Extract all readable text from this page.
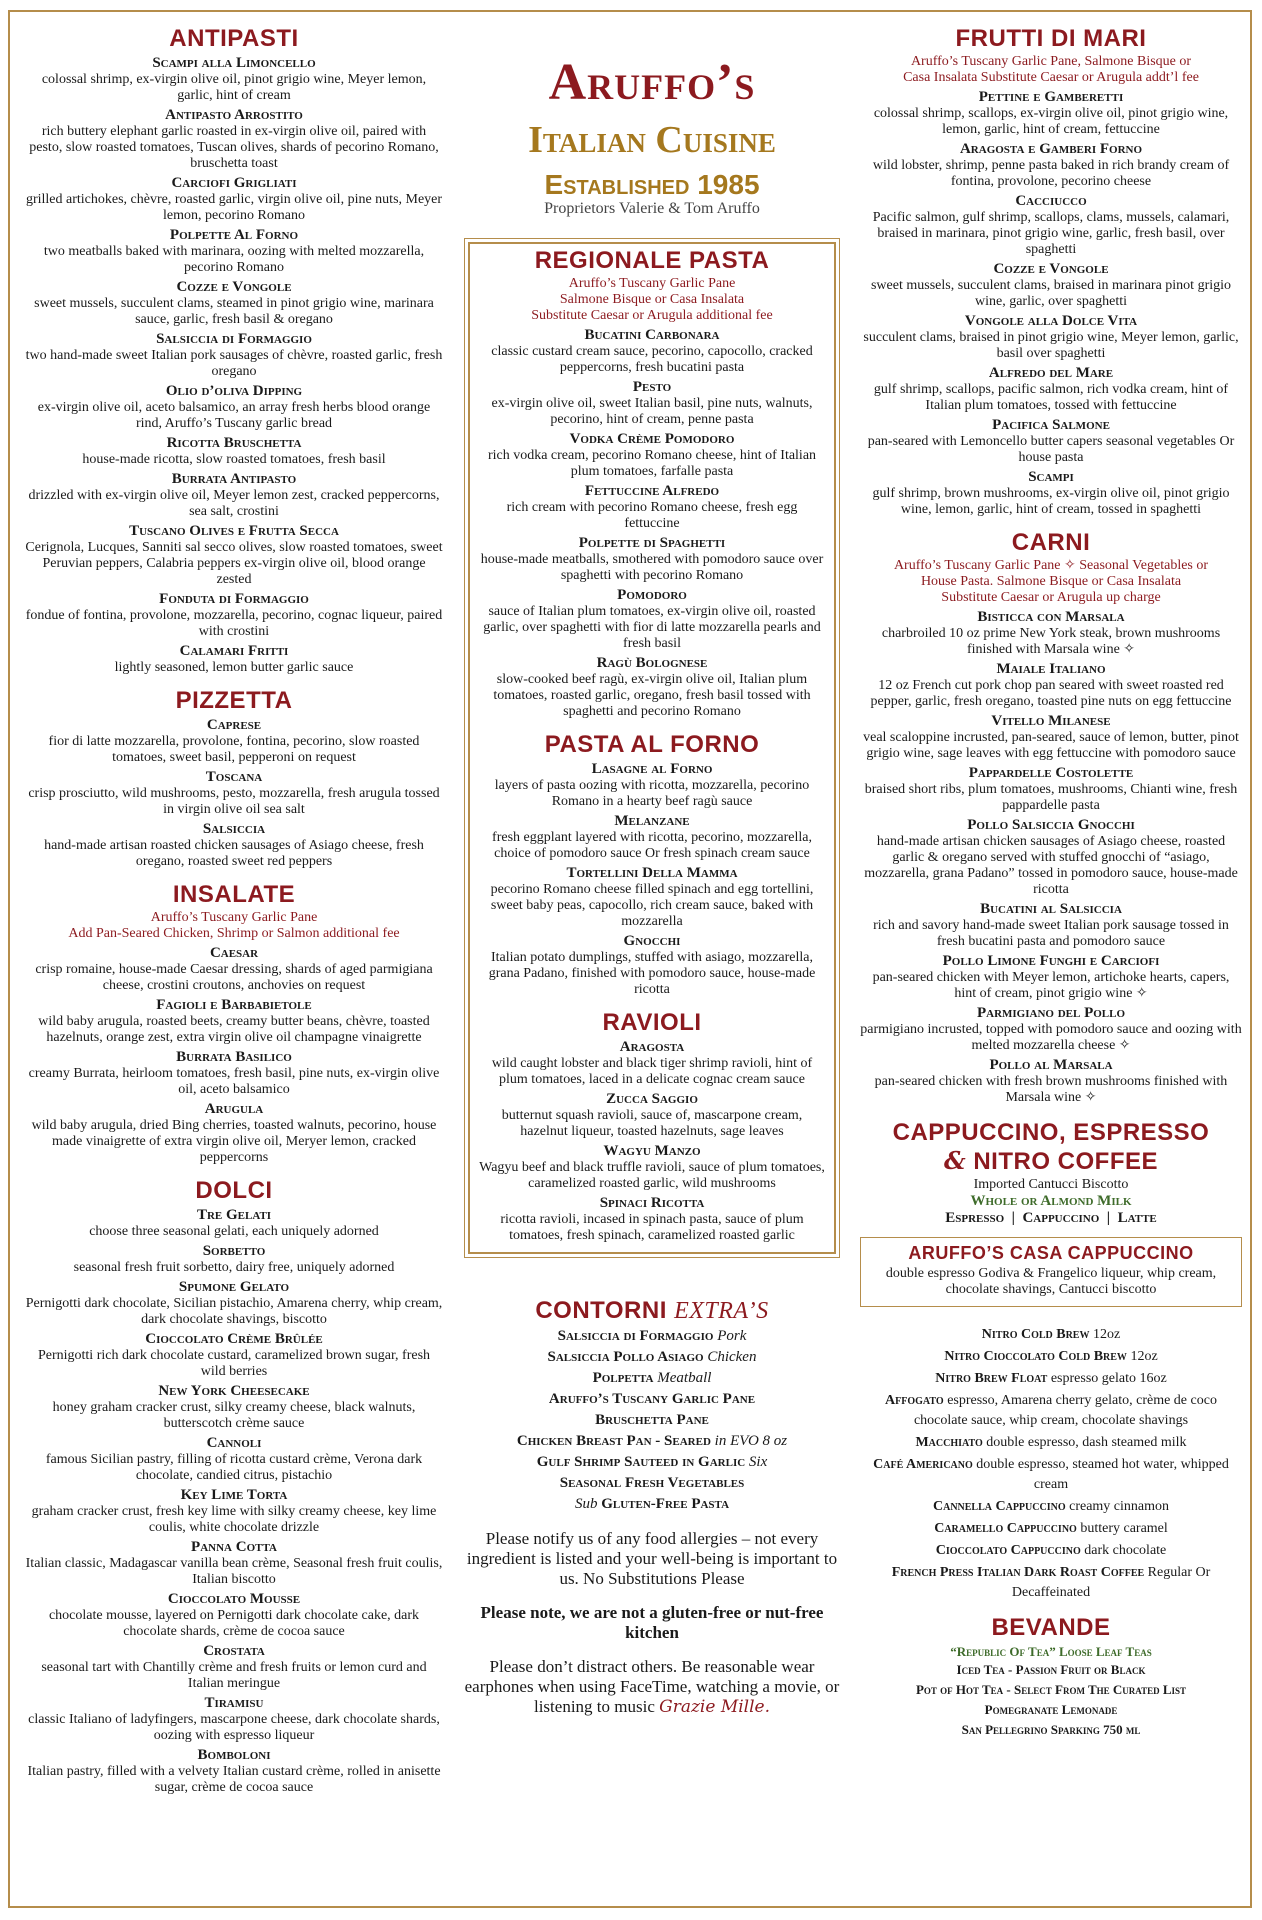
ANTIPASTI
Scampi alla Limoncello
colossal shrimp, ex-virgin olive oil, pinot grigio wine, Meyer lemon, garlic, hint of cream
Antipasto Arrostito
rich buttery elephant garlic roasted in ex-virgin olive oil, paired with pesto, slow roasted tomatoes, Tuscan olives, shards of pecorino Romano, bruschetta toast
Carciofi Grigliati
grilled artichokes, chèvre, roasted garlic, virgin olive oil, pine nuts, Meyer lemon, pecorino Romano
Polpette Al Forno
two meatballs baked with marinara, oozing with melted mozzarella, pecorino Romano
Cozze e Vongole
sweet mussels, succulent clams, steamed in pinot grigio wine, marinara sauce, garlic, fresh basil & oregano
Salsiccia di Formaggio
two hand-made sweet Italian pork sausages of chèvre, roasted garlic, fresh oregano
Olio d’oliva Dipping
ex-virgin olive oil, aceto balsamico, an array fresh herbs blood orange rind, Aruffo’s Tuscany garlic bread
Ricotta Bruschetta
house-made ricotta, slow roasted tomatoes, fresh basil
Burrata Antipasto
drizzled with ex-virgin olive oil, Meyer lemon zest, cracked peppercorns, sea salt, crostini
Tuscano Olives e Frutta Secca
Cerignola, Lucques, Sanniti sal secco olives, slow roasted tomatoes, sweet Peruvian peppers, Calabria peppers ex-virgin olive oil, blood orange zested
Fonduta di Formaggio
fondue of fontina, provolone, mozzarella, pecorino, cognac liqueur, paired with crostini
Calamari Fritti
lightly seasoned, lemon butter garlic sauce
PIZZETTA
Caprese
fior di latte mozzarella, provolone, fontina, pecorino, slow roasted tomatoes, sweet basil, pepperoni on request
Toscana
crisp prosciutto, wild mushrooms, pesto, mozzarella, fresh arugula tossed in virgin olive oil sea salt
Salsiccia
hand-made artisan roasted chicken sausages of Asiago cheese, fresh oregano, roasted sweet red peppers
INSALATE
Aruffo’s Tuscany Garlic Pane
Add Pan-Seared Chicken, Shrimp or Salmon additional fee
Caesar
crisp romaine, house-made Caesar dressing, shards of aged parmigiana cheese, crostini croutons, anchovies on request
Fagioli e Barbabietole
wild baby arugula, roasted beets, creamy butter beans, chèvre, toasted hazelnuts, orange zest, extra virgin olive oil champagne vinaigrette
Burrata Basilico
creamy Burrata, heirloom tomatoes, fresh basil, pine nuts, ex-virgin olive oil, aceto balsamico
Arugula
wild baby arugula, dried Bing cherries, toasted walnuts, pecorino, house made vinaigrette of extra virgin olive oil, Meryer lemon, cracked peppercorns
DOLCI
Tre Gelati
choose three seasonal gelati, each uniquely adorned
Sorbetto
seasonal fresh fruit sorbetto, dairy free, uniquely adorned
Spumone Gelato
Pernigotti dark chocolate, Sicilian pistachio, Amarena cherry, whip cream, dark chocolate shavings, biscotto
Cioccolato Crème Brûlée
Pernigotti rich dark chocolate custard, caramelized brown sugar, fresh wild berries
New York Cheesecake
honey graham cracker crust, silky creamy cheese, black walnuts, butterscotch crème sauce
Cannoli
famous Sicilian pastry, filling of ricotta custard crème, Verona dark chocolate, candied citrus, pistachio
Key Lime Torta
graham cracker crust, fresh key lime with silky creamy cheese, key lime coulis, white chocolate drizzle
Panna Cotta
Italian classic, Madagascar vanilla bean crème, Seasonal fresh fruit coulis, Italian biscotto
Cioccolato Mousse
chocolate mousse, layered on Pernigotti dark chocolate cake, dark chocolate shards, crème de cocoa sauce
Crostata
seasonal tart with Chantilly crème and fresh fruits or lemon curd and Italian meringue
Tiramisu
classic Italiano of ladyfingers, mascarpone cheese, dark chocolate shards, oozing with espresso liqueur
Bomboloni
Italian pastry, filled with a velvety Italian custard crème, rolled in anisette sugar, crème de cocoa sauce
Aruffo’s
Italian Cuisine
Established 1985
Proprietors Valerie & Tom Aruffo
REGIONALE PASTA
Aruffo’s Tuscany Garlic Pane
Salmone Bisque or Casa Insalata
Substitute Caesar or Arugula additional fee
Bucatini Carbonara
classic custard cream sauce, pecorino, capocollo, cracked peppercorns, fresh bucatini pasta
Pesto
ex-virgin olive oil, sweet Italian basil, pine nuts, walnuts, pecorino, hint of cream, penne pasta
Vodka Crème Pomodoro
rich vodka cream, pecorino Romano cheese, hint of Italian plum tomatoes, farfalle pasta
Fettuccine Alfredo
rich cream with pecorino Romano cheese, fresh egg fettuccine
Polpette di Spaghetti
house-made meatballs, smothered with pomodoro sauce over spaghetti with pecorino Romano
Pomodoro
sauce of Italian plum tomatoes, ex-virgin olive oil, roasted garlic, over spaghetti with fior di latte mozzarella pearls and fresh basil
Ragù Bolognese
slow-cooked beef ragù, ex-virgin olive oil, Italian plum tomatoes, roasted garlic, oregano, fresh basil tossed with spaghetti and pecorino Romano
PASTA AL FORNO
Lasagne al Forno
layers of pasta oozing with ricotta, mozzarella, pecorino Romano in a hearty beef ragù sauce
Melanzane
fresh eggplant layered with ricotta, pecorino, mozzarella, choice of pomodoro sauce Or fresh spinach cream sauce
Tortellini Della Mamma
pecorino Romano cheese filled spinach and egg tortellini, sweet baby peas, capocollo, rich cream sauce, baked with mozzarella
Gnocchi
Italian potato dumplings, stuffed with asiago, mozzarella, grana Padano, finished with pomodoro sauce, house-made ricotta
RAVIOLI
Aragosta
wild caught lobster and black tiger shrimp ravioli, hint of plum tomatoes, laced in a delicate cognac cream sauce
Zucca Saggio
butternut squash ravioli, sauce of, mascarpone cream, hazelnut liqueur, toasted hazelnuts, sage leaves
Wagyu Manzo
Wagyu beef and black truffle ravioli, sauce of plum tomatoes, caramelized roasted garlic, wild mushrooms
Spinaci Ricotta
ricotta ravioli, incased in spinach pasta, sauce of plum tomatoes, fresh spinach, caramelized roasted garlic
CONTORNI EXTRA’S
Salsiccia di Formaggio Pork
Salsiccia Pollo Asiago Chicken
Polpetta Meatball
Aruffo’s Tuscany Garlic Pane
Bruschetta Pane
Chicken Breast Pan - Seared in EVO 8 oz
Gulf Shrimp Sauteed in Garlic Six
Seasonal Fresh Vegetables
Sub Gluten-Free Pasta
Please notify us of any food allergies – not every ingredient is listed and your well-being is important to us. No Substitutions Please
Please note, we are not a gluten-free or nut-free kitchen
Please don’t distract others. Be reasonable wear earphones when using FaceTime, watching a movie, or listening to music Grazie Mille.
FRUTTI DI MARI
Aruffo’s Tuscany Garlic Pane, Salmone Bisque or
Casa Insalata Substitute Caesar or Arugula addt’l fee
Pettine e Gamberetti
colossal shrimp, scallops, ex-virgin olive oil, pinot grigio wine, lemon, garlic, hint of cream, fettuccine
Aragosta e Gamberi Forno
wild lobster, shrimp, penne pasta baked in rich brandy cream of fontina, provolone, pecorino cheese
Cacciucco
Pacific salmon, gulf shrimp, scallops, clams, mussels, calamari, braised in marinara, pinot grigio wine, garlic, fresh basil, over spaghetti
Cozze e Vongole
sweet mussels, succulent clams, braised in marinara pinot grigio wine, garlic, over spaghetti
Vongole alla Dolce Vita
succulent clams, braised in pinot grigio wine, Meyer lemon, garlic, basil over spaghetti
Alfredo del Mare
gulf shrimp, scallops, pacific salmon, rich vodka cream, hint of Italian plum tomatoes, tossed with fettuccine
Pacifica Salmone
pan-seared with Lemoncello butter capers seasonal vegetables Or house pasta
Scampi
gulf shrimp, brown mushrooms, ex-virgin olive oil, pinot grigio wine, lemon, garlic, hint of cream, tossed in spaghetti
CARNI
Aruffo’s Tuscany Garlic Pane ✧ Seasonal Vegetables or
House Pasta. Salmone Bisque or Casa Insalata
Substitute Caesar or Arugula up charge
Bisticca con Marsala
charbroiled 10 oz prime New York steak, brown mushrooms finished with Marsala wine ✧
Maiale Italiano
12 oz French cut pork chop pan seared with sweet roasted red pepper, garlic, fresh oregano, toasted pine nuts on egg fettuccine
Vitello Milanese
veal scaloppine incrusted, pan-seared, sauce of lemon, butter, pinot grigio wine, sage leaves with egg fettuccine with pomodoro sauce
Pappardelle Costolette
braised short ribs, plum tomatoes, mushrooms, Chianti wine, fresh pappardelle pasta
Pollo Salsiccia Gnocchi
hand-made artisan chicken sausages of Asiago cheese, roasted garlic & oregano served with stuffed gnocchi of “asiago, mozzarella, grana Padano” tossed in pomodoro sauce, house-made ricotta
Bucatini al Salsiccia
rich and savory hand-made sweet Italian pork sausage tossed in fresh bucatini pasta and pomodoro sauce
Pollo Limone Funghi e Carciofi
pan-seared chicken with Meyer lemon, artichoke hearts, capers, hint of cream, pinot grigio wine ✧
Parmigiano del Pollo
parmigiano incrusted, topped with pomodoro sauce and oozing with melted mozzarella cheese ✧
Pollo al Marsala
pan-seared chicken with fresh brown mushrooms finished with Marsala wine ✧
CAPPUCCINO, ESPRESSO
& NITRO COFFEE
Imported Cantucci Biscotto
Whole or Almond Milk
Espresso  |  Cappuccino  |  Latte
ARUFFO’S CASA CAPPUCCINO
double espresso Godiva & Frangelico liqueur, whip cream, chocolate shavings, Cantucci biscotto
Nitro Cold Brew 12oz
Nitro Cioccolato Cold Brew 12oz
Nitro Brew Float espresso gelato 16oz
Affogato espresso, Amarena cherry gelato, crème de coco chocolate sauce, whip cream, chocolate shavings
Macchiato double espresso, dash steamed milk
Café Americano double espresso, steamed hot water, whipped cream
Cannella Cappuccino creamy cinnamon
Caramello Cappuccino buttery caramel
Cioccolato Cappuccino dark chocolate
French Press Italian Dark Roast Coffee Regular Or Decaffeinated
BEVANDE
“Republic Of Tea” Loose Leaf Teas
Iced Tea - Passion Fruit or Black
Pot of Hot Tea - Select From The Curated List
Pomegranate Lemonade
San Pellegrino Sparking 750 ml
